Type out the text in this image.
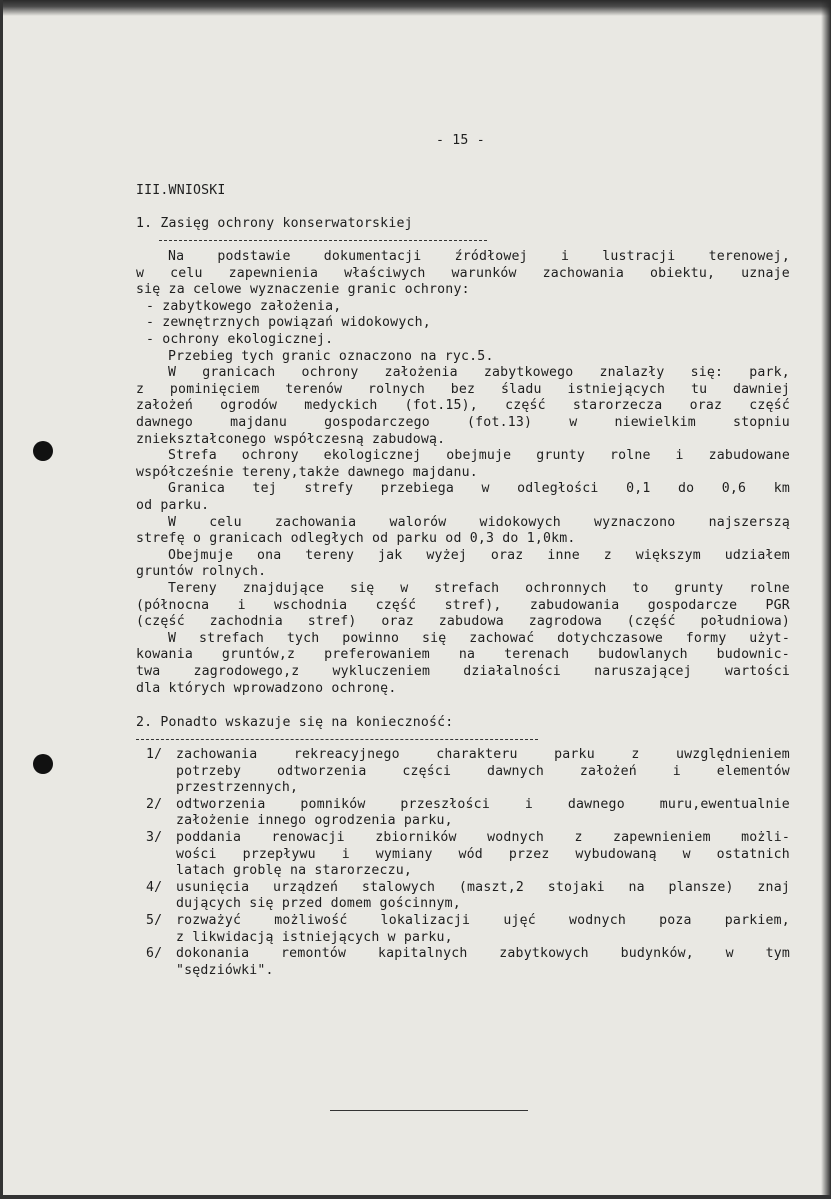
- 15 -
III.WNIOSKI
1. Zasięg ochrony konserwatorskiej
Na	podstawie	dokumentacji	źródłowej	i	lustracji	terenowej,
w celu zapewnienia właściwych warunków zachowania obiektu, uznaje
się za celowe wyznaczenie granic ochrony:
- zabytkowego założenia,
- zewnętrznych powiązań widokowych,
- ochrony ekologicznej.
Przebieg tych granic oznaczono na ryc.5.
W granicach ochrony założenia zabytkowego znalazły się: park,
z pominięciem terenów rolnych bez śladu istniejących tu dawniej
założeń ogrodów medyckich (fot.15), część starorzecza oraz część
dawnego	majdanu	gospodarczego	(fot.13)	w	niewielkim	stopniu
zniekształconego współczesną zabudową.
Strefa ochrony ekologicznej obejmuje grunty rolne i zabudowane
współcześnie tereny,także dawnego majdanu.
Granica tej strefy przebiega w odległości 0,1 do 0,6 km
od parku.
W	celu	zachowania	walorów	widokowych	wyznaczono	najszerszą
strefę o granicach odległych od parku od 0,3 do 1,0km.
Obejmuje ona tereny jak wyżej oraz inne z większym udziałem
gruntów rolnych.
Tereny znajdujące się w strefach ochronnych to grunty rolne
(północna i wschodnia część stref), zabudowania gospodarcze PGR
(część zachodnia stref) oraz zabudowa zagrodowa (część południowa)
W strefach tych powinno się zachować dotychczasowe formy użyt-
kowania gruntów,z preferowaniem na terenach budowlanych budownic-
twa	zagrodowego,z	wykluczeniem	działalności	naruszającej	wartości
dla których wprowadzono ochronę.
2. Ponadto wskazuje się na konieczność:
1/ zachowania	rekreacyjnego	charakteru	parku	z	uwzględnieniem
potrzeby	odtworzenia	części	dawnych	założeń	i	elementów
przestrzennych,
2/ odtworzenia	pomników	przeszłości	i	dawnego	muru,ewentualnie
założenie innego ogrodzenia parku,
3/ poddania renowacji zbiorników wodnych z zapewnieniem możli-
wości przepływu i wymiany wód przez wybudowaną w ostatnich
latach groblę na starorzeczu,
4/ usunięcia urządzeń stalowych (maszt,2 stojaki na plansze) znaj
dujących się przed domem gościnnym,
5/ rozważyć	możliwość	lokalizacji	ujęć	wodnych	poza	parkiem,
z likwidacją istniejących w parku,
6/ dokonania remontów kapitalnych zabytkowych budynków, w tym
"sędziówki".
